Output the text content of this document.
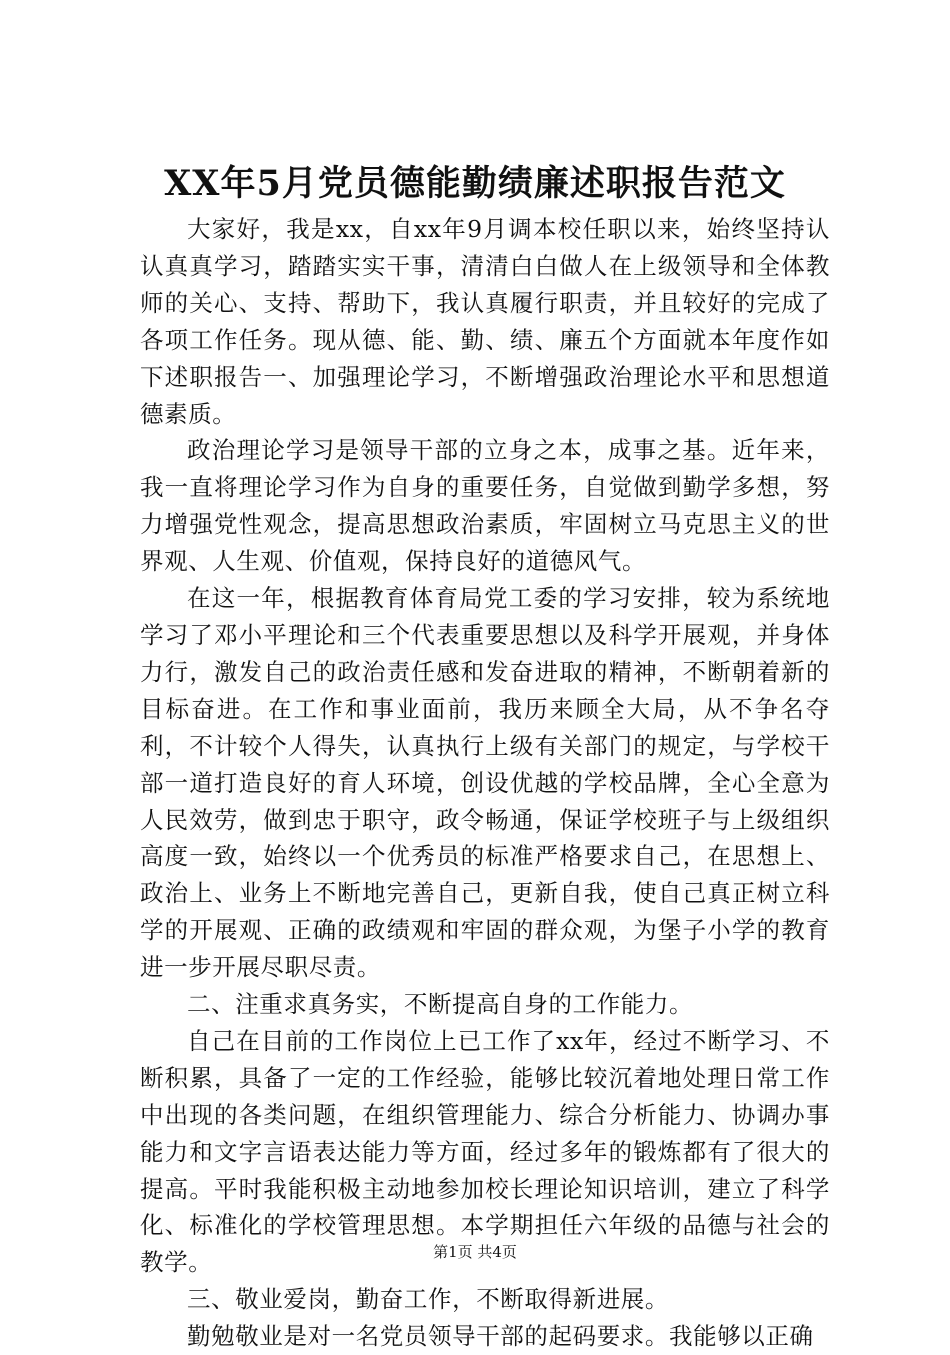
XX年5月党员德能勤绩廉述职报告范文

大家好，我是xx，自xx年9月调本校任职以来，始终坚持认认真真学习，踏踏实实干事，清清白白做人在上级领导和全体教师的关心、支持、帮助下，我认真履行职责，并且较好的完成了各项工作任务。现从德、能、勤、绩、廉五个方面就本年度作如下述职报告一、加强理论学习，不断增强政治理论水平和思想道德素质。

政治理论学习是领导干部的立身之本，成事之基。近年来，我一直将理论学习作为自身的重要任务，自觉做到勤学多想，努力增强党性观念，提高思想政治素质，牢固树立马克思主义的世界观、人生观、价值观，保持良好的道德风气。

在这一年，根据教育体育局党工委的学习安排，较为系统地学习了邓小平理论和三个代表重要思想以及科学开展观，并身体力行，激发自己的政治责任感和发奋进取的精神，不断朝着新的目标奋进。在工作和事业面前，我历来顾全大局，从不争名夺利，不计较个人得失，认真执行上级有关部门的规定，与学校干部一道打造良好的育人环境，创设优越的学校品牌，全心全意为人民效劳，做到忠于职守，政令畅通，保证学校班子与上级组织高度一致，始终以一个优秀员的标准严格要求自己，在思想上、政治上、业务上不断地完善自己，更新自我，使自己真正树立科学的开展观、正确的政绩观和牢固的群众观，为堡子小学的教育进一步开展尽职尽责。

二、注重求真务实，不断提高自身的工作能力。

自己在目前的工作岗位上已工作了xx年，经过不断学习、不断积累，具备了一定的工作经验，能够比较沉着地处理日常工作中出现的各类问题，在组织管理能力、综合分析能力、协调办事能力和文字言语表达能力等方面，经过多年的锻炼都有了很大的提高。平时我能积极主动地参加校长理论知识培训，建立了科学化、标准化的学校管理思想。本学期担任六年级的品德与社会的教学。

三、敬业爱岗，勤奋工作，不断取得新进展。

勤勉敬业是对一名党员领导干部的起码要求。我能够以正确

第1页 共4页
